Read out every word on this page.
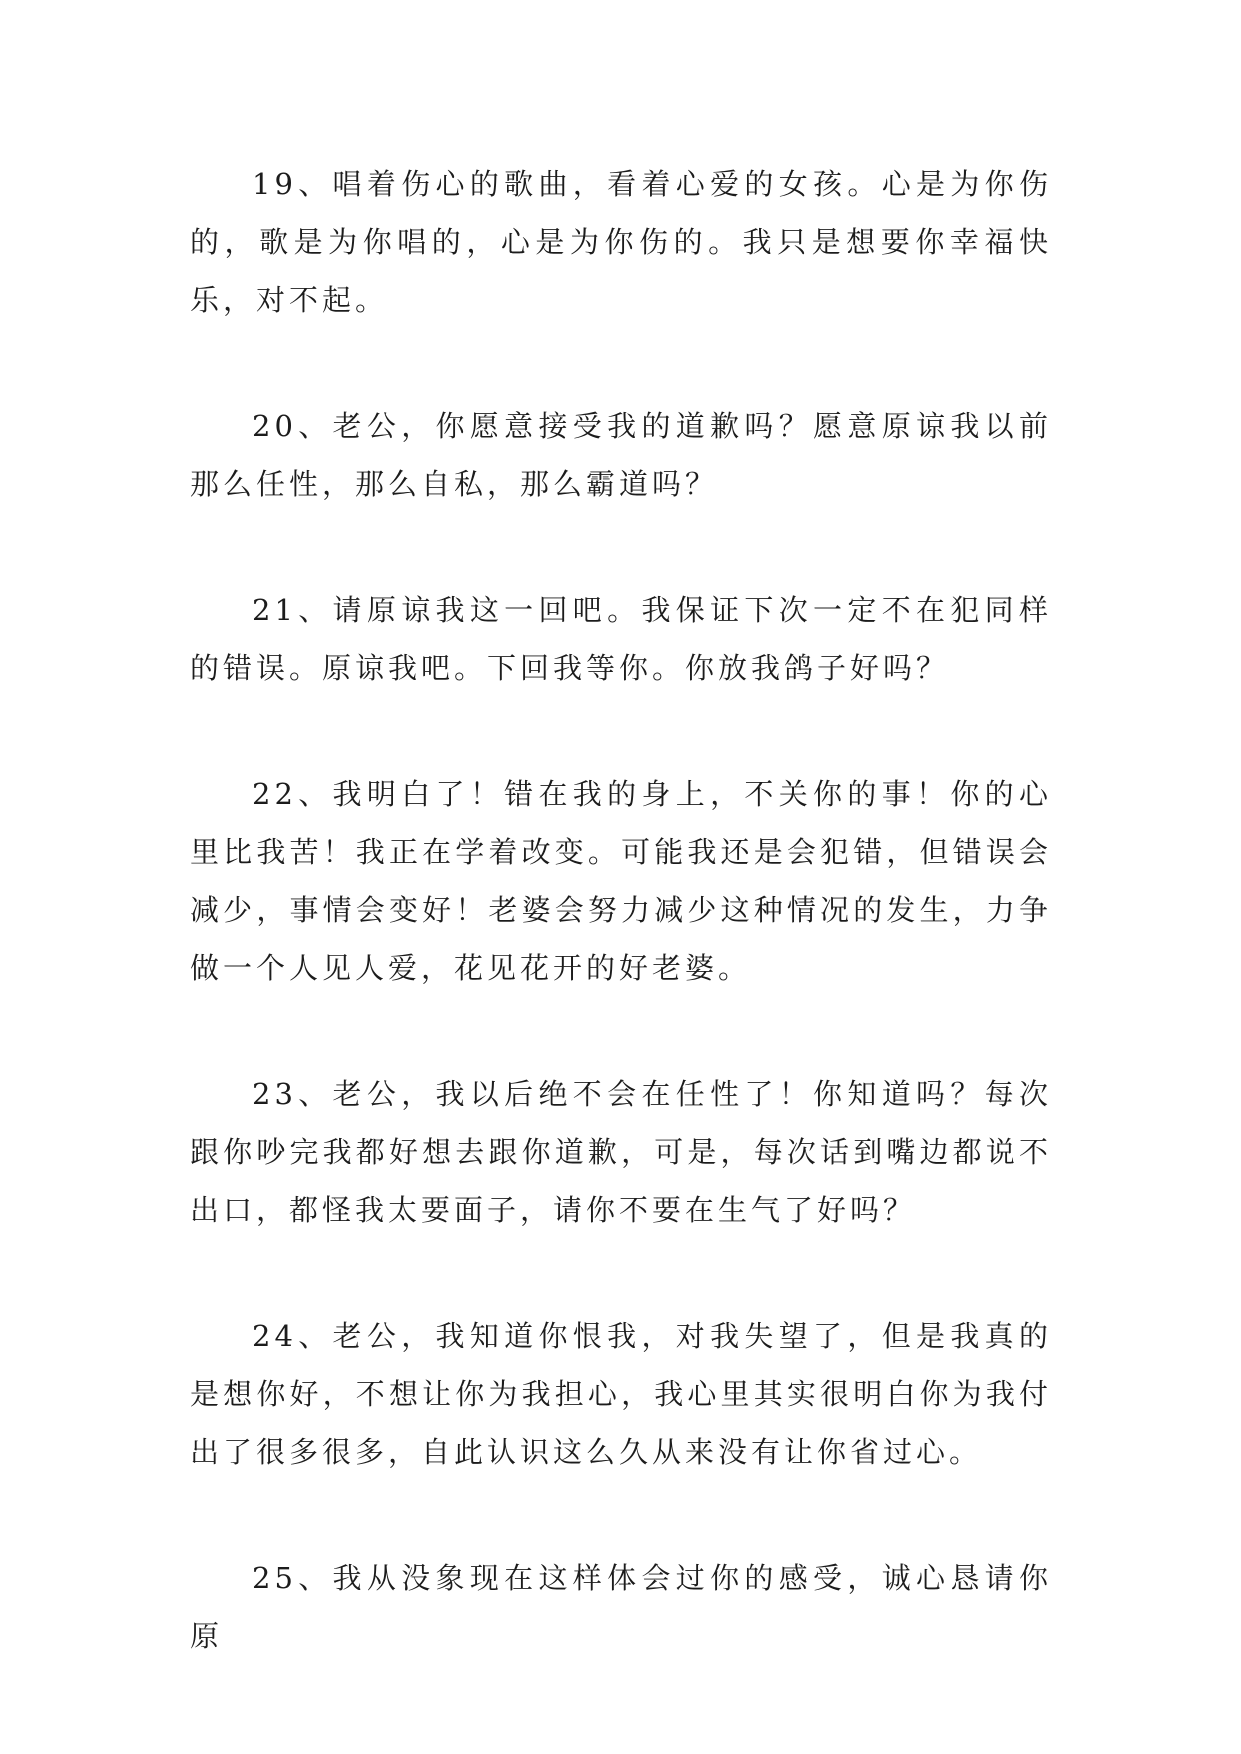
19、唱着伤心的歌曲，看着心爱的女孩。心是为你伤的，歌是为你唱的，心是为你伤的。我只是想要你幸福快乐，对不起。

20、老公，你愿意接受我的道歉吗？愿意原谅我以前那么任性，那么自私，那么霸道吗？

21、请原谅我这一回吧。我保证下次一定不在犯同样的错误。原谅我吧。下回我等你。你放我鸽子好吗？

22、我明白了！错在我的身上，不关你的事！你的心里比我苦！我正在学着改变。可能我还是会犯错，但错误会减少，事情会变好！老婆会努力减少这种情况的发生，力争做一个人见人爱，花见花开的好老婆。

23、老公，我以后绝不会在任性了！你知道吗？每次跟你吵完我都好想去跟你道歉，可是，每次话到嘴边都说不出口，都怪我太要面子，请你不要在生气了好吗？

24、老公，我知道你恨我，对我失望了，但是我真的是想你好，不想让你为我担心，我心里其实很明白你为我付出了很多很多，自此认识这么久从来没有让你省过心。

25、我从没象现在这样体会过你的感受，诚心恳请你原
